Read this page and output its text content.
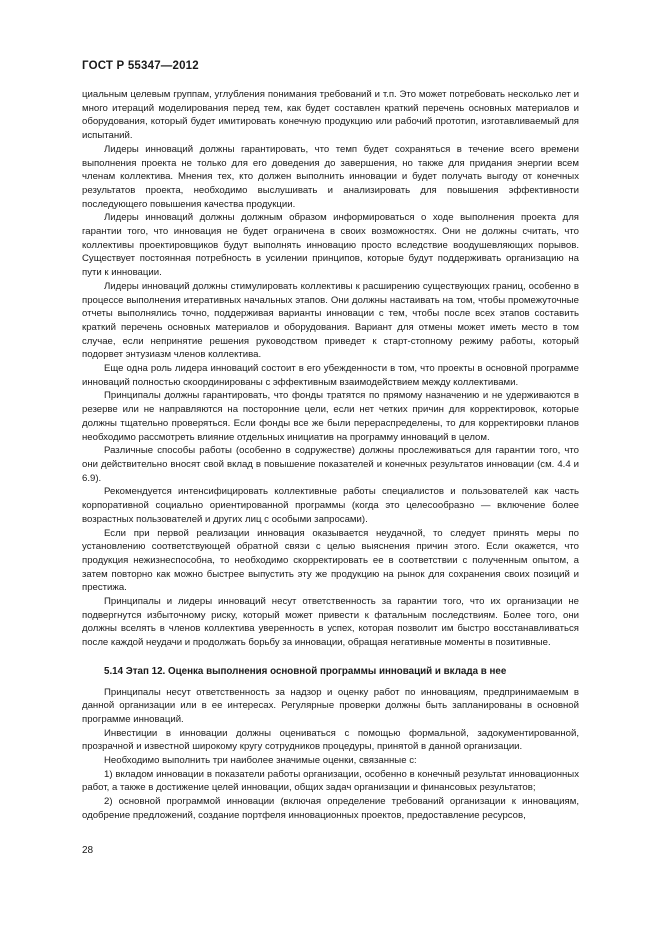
ГОСТ Р 55347—2012

циальным целевым группам, углубления понимания требований и т.п. Это может потребовать несколько лет и много итераций моделирования перед тем, как будет составлен краткий перечень основных материалов и оборудования, который будет имитировать конечную продукцию или рабочий прототип, изготавливаемый для испытаний.

Лидеры инноваций должны гарантировать, что темп будет сохраняться в течение всего времени выполнения проекта не только для его доведения до завершения, но также для придания энергии всем членам коллектива. Мнения тех, кто должен выполнить инновации и будет получать выгоду от конечных результатов проекта, необходимо выслушивать и анализировать для повышения эффективности последующего повышения качества продукции.

Лидеры инноваций должны должным образом информироваться о ходе выполнения проекта для гарантии того, что инновация не будет ограничена в своих возможностях. Они не должны считать, что коллективы проектировщиков будут выполнять инновацию просто вследствие воодушевляющих порывов. Существует постоянная потребность в усилении принципов, которые будут поддерживать организацию на пути к инновации.

Лидеры инноваций должны стимулировать коллективы к расширению существующих границ, особенно в процессе выполнения итеративных начальных этапов. Они должны настаивать на том, чтобы промежуточные отчеты выполнялись точно, поддерживая варианты инновации с тем, чтобы после всех этапов составить краткий перечень основных материалов и оборудования. Вариант для отмены может иметь место в том случае, если непринятие решения руководством приведет к старт-стопному режиму работы, который подорвет энтузиазм членов коллектива.

Еще одна роль лидера инноваций состоит в его убежденности в том, что проекты в основной программе инноваций полностью скоординированы с эффективным взаимодействием между коллективами.

Принципалы должны гарантировать, что фонды тратятся по прямому назначению и не удерживаются в резерве или не направляются на посторонние цели, если нет четких причин для корректировок, которые должны тщательно проверяться. Если фонды все же были перераспределены, то для корректировки планов необходимо рассмотреть влияние отдельных инициатив на программу инноваций в целом.

Различные способы работы (особенно в содружестве) должны прослеживаться для гарантии того, что они действительно вносят свой вклад в повышение показателей и конечных результатов инновации (см. 4.4 и 6.9).

Рекомендуется интенсифицировать коллективные работы специалистов и пользователей как часть корпоративной социально ориентированной программы (когда это целесообразно — включение более возрастных пользователей и других лиц с особыми запросами).

Если при первой реализации инновация оказывается неудачной, то следует принять меры по установлению соответствующей обратной связи с целью выяснения причин этого. Если окажется, что продукция нежизнеспособна, то необходимо скорректировать ее в соответствии с полученным опытом, а затем повторно как можно быстрее выпустить эту же продукцию на рынок для сохранения своих позиций и престижа.

Принципалы и лидеры инноваций несут ответственность за гарантии того, что их организации не подвергнутся избыточному риску, который может привести к фатальным последствиям. Более того, они должны вселять в членов коллектива уверенность в успех, которая позволит им быстро восстанавливаться после каждой неудачи и продолжать борьбу за инновации, обращая негативные моменты в позитивные.

5.14 Этап 12. Оценка выполнения основной программы инноваций и вклада в нее

Принципалы несут ответственность за надзор и оценку работ по инновациям, предпринимаемым в данной организации или в ее интересах. Регулярные проверки должны быть запланированы в основной программе инноваций.

Инвестиции в инновации должны оцениваться с помощью формальной, задокументированной, прозрачной и известной широкому кругу сотрудников процедуры, принятой в данной организации.

Необходимо выполнить три наиболее значимые оценки, связанные с:

1) вкладом инновации в показатели работы организации, особенно в конечный результат инновационных работ, а также в достижение целей инновации, общих задач организации и финансовых результатов;

2) основной программой инновации (включая определение требований организации к инновациям, одобрение предложений, создание портфеля инновационных проектов, предоставление ресурсов,

28
